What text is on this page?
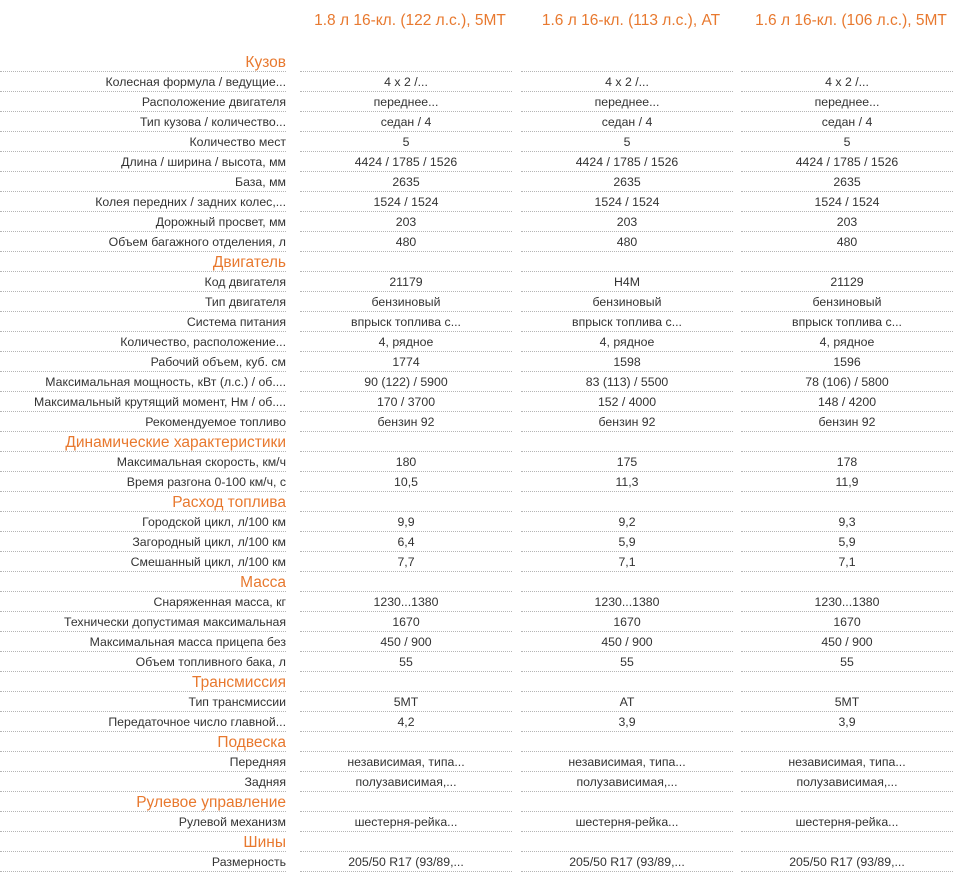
1.8 л 16-кл. (122 л.с.), 5МТ	1.6 л 16-кл. (113 л.с.), AT	1.6 л 16-кл. (106 л.с.), 5МТ
Кузов
Колесная формула / ведущие...	4 х 2 /...	4 х 2 /...	4 х 2 /...
Расположение двигателя	переднее...	переднее...	переднее...
Тип кузова / количество...	седан / 4	седан / 4	седан / 4
Количество мест	5	5	5
Длина / ширина / высота, мм	4424 / 1785 / 1526	4424 / 1785 / 1526	4424 / 1785 / 1526
База, мм	2635	2635	2635
Колея передних / задних колес,...	1524 / 1524	1524 / 1524	1524 / 1524
Дорожный просвет, мм	203	203	203
Объем багажного отделения, л	480	480	480
Двигатель
Код двигателя	21179	H4M	21129
Тип двигателя	бензиновый	бензиновый	бензиновый
Система питания	впрыск топлива с...	впрыск топлива с...	впрыск топлива с...
Количество, расположение...	4, рядное	4, рядное	4, рядное
Рабочий объем, куб. см	1774	1598	1596
Максимальная мощность, кВт (л.с.) / об....	90 (122) / 5900	83 (113) / 5500	78 (106) / 5800
Максимальный крутящий момент, Нм / об....	170 / 3700	152 / 4000	148 / 4200
Рекомендуемое топливо	бензин 92	бензин 92	бензин 92
Динамические характеристики
Максимальная скорость, км/ч	180	175	178
Время разгона 0-100 км/ч, с	10,5	11,3	11,9
Расход топлива
Городской цикл, л/100 км	9,9	9,2	9,3
Загородный цикл, л/100 км	6,4	5,9	5,9
Смешанный цикл, л/100 км	7,7	7,1	7,1
Масса
Снаряженная масса, кг	1230...1380	1230...1380	1230...1380
Технически допустимая максимальная	1670	1670	1670
Максимальная масса прицепа без	450 / 900	450 / 900	450 / 900
Объем топливного бака, л	55	55	55
Трансмиссия
Тип трансмиссии	5МТ	AT	5МТ
Передаточное число главной...	4,2	3,9	3,9
Подвеска
Передняя	независимая, типа...	независимая, типа...	независимая, типа...
Задняя	полузависимая,...	полузависимая,...	полузависимая,...
Рулевое управление
Рулевой механизм	шестерня-рейка...	шестерня-рейка...	шестерня-рейка...
Шины
Размерность	205/50 R17 (93/89,...	205/50 R17 (93/89,...	205/50 R17 (93/89,...
